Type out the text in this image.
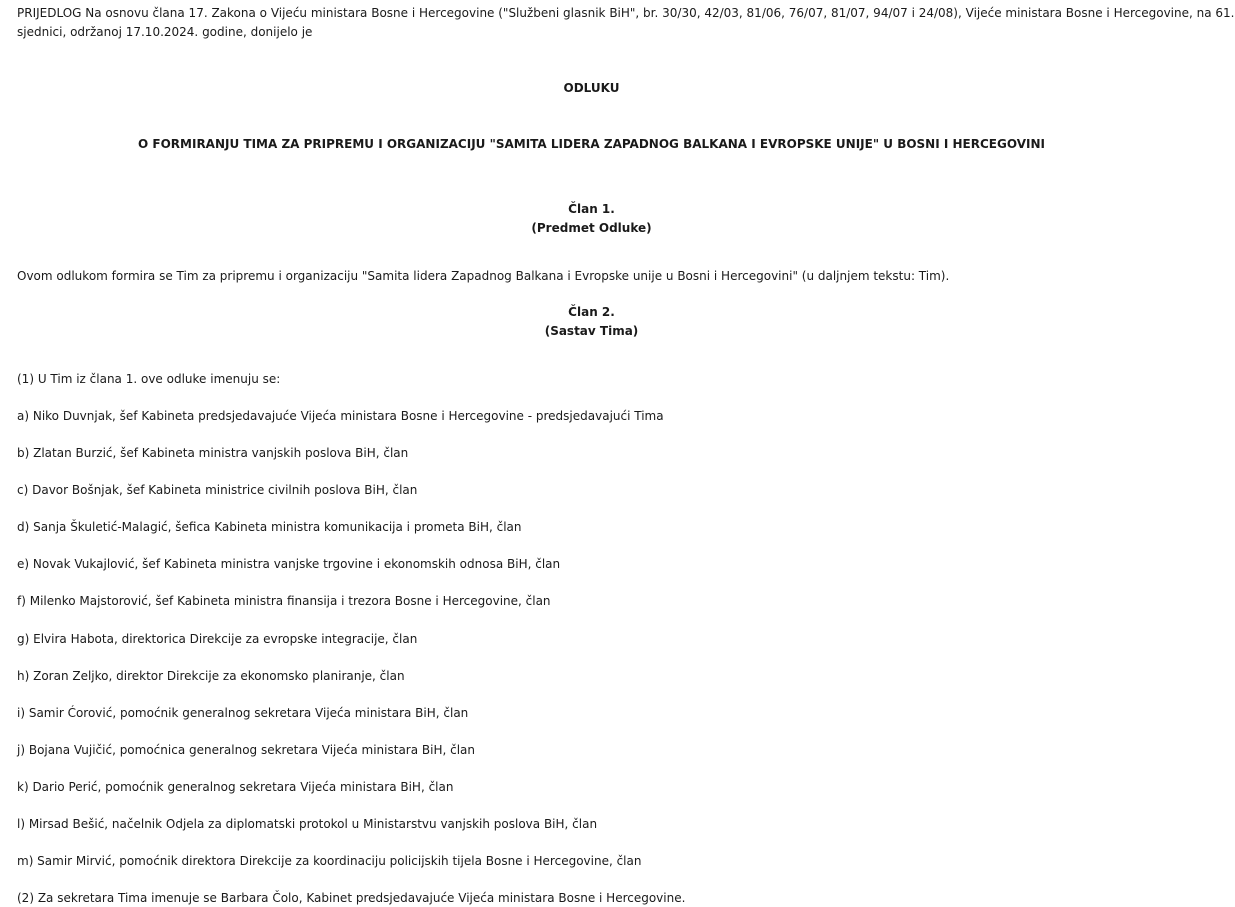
PRIJEDLOG Na osnovu člana 17. Zakona o Vijeću ministara Bosne i Hercegovine ("Službeni glasnik BiH", br. 30/30, 42/03, 81/06, 76/07, 81/07, 94/07 i 24/08), Vijeće ministara Bosne i Hercegovine, na 61.
sjednici, održanoj 17.10.2024. godine, donijelo je
ODLUKU
O FORMIRANJU TIMA ZA PRIPREMU I ORGANIZACIJU "SAMITA LIDERA ZAPADNOG BALKANA I EVROPSKE UNIJE" U BOSNI I HERCEGOVINI
Član 1.
(Predmet Odluke)
Ovom odlukom formira se Tim za pripremu i organizaciju "Samita lidera Zapadnog Balkana i Evropske unije u Bosni i Hercegovini" (u daljnjem tekstu: Tim).
Član 2.
(Sastav Tima)
(1) U Tim iz člana 1. ove odluke imenuju se:
a) Niko Duvnjak, šef Kabineta predsjedavajuće Vijeća ministara Bosne i Hercegovine - predsjedavajući Tima
b) Zlatan Burzić, šef Kabineta ministra vanjskih poslova BiH, član
c) Davor Bošnjak, šef Kabineta ministrice civilnih poslova BiH, član
d) Sanja Škuletić-Malagić, šefica Kabineta ministra komunikacija i prometa BiH, član
e) Novak Vukajlović, šef Kabineta ministra vanjske trgovine i ekonomskih odnosa BiH, član
f) Milenko Majstorović, šef Kabineta ministra finansija i trezora Bosne i Hercegovine, član
g) Elvira Habota, direktorica Direkcije za evropske integracije, član
h) Zoran Zeljko, direktor Direkcije za ekonomsko planiranje, član
i) Samir Ćorović, pomoćnik generalnog sekretara Vijeća ministara BiH, član
j) Bojana Vujičić, pomoćnica generalnog sekretara Vijeća ministara BiH, član
k) Dario Perić, pomoćnik generalnog sekretara Vijeća ministara BiH, član
l) Mirsad Bešić, načelnik Odjela za diplomatski protokol u Ministarstvu vanjskih poslova BiH, član
m) Samir Mirvić, pomoćnik direktora Direkcije za koordinaciju policijskih tijela Bosne i Hercegovine, član
(2) Za sekretara Tima imenuje se Barbara Čolo, Kabinet predsjedavajuće Vijeća ministara Bosne i Hercegovine.
